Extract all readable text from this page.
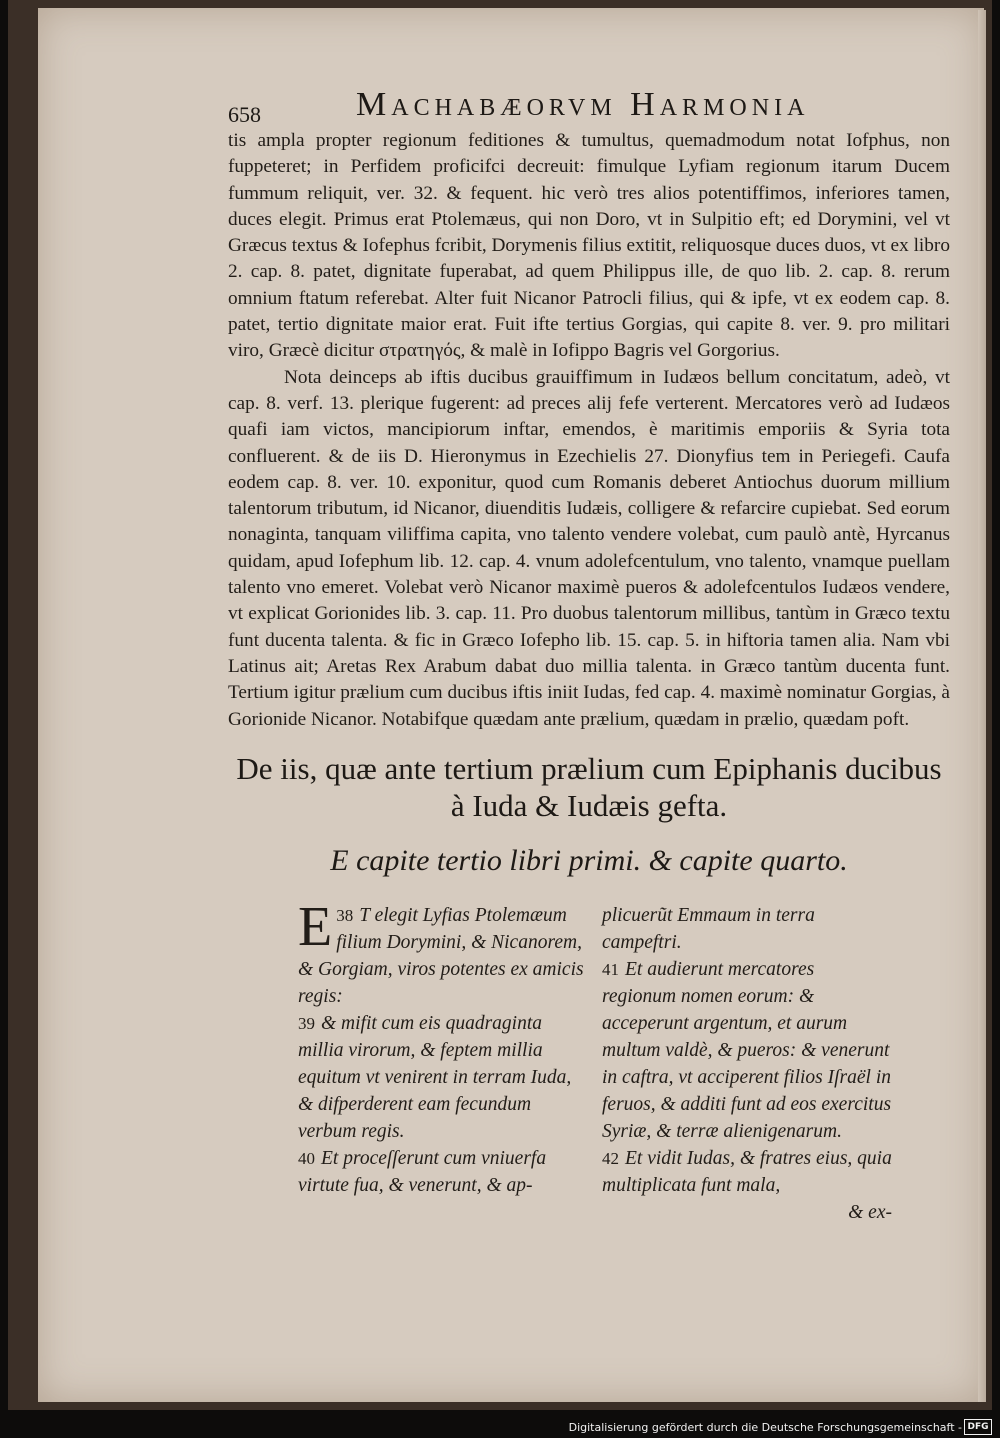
658	Machabæorvm Harmonia

tis ampla propter regionum feditiones & tumultus, quemadmodum notat Iofphus, non fuppeteret; in Perfidem proficifci decreuit: fimulque Lyfiam regionum itarum Ducem fummum reliquit, ver. 32. & fequent. hic verò tres alios potentiffimos, inferiores tamen, duces elegit. Primus erat Ptolemæus, qui non Doro, vt in Sulpitio eft; ed Dorymini, vel vt Græcus textus & Iofephus fcribit, Dorymenis filius extitit, reliquosque duces duos, vt ex libro 2. cap. 8. patet, dignitate fuperabat, ad quem Philippus ille, de quo lib. 2. cap. 8. rerum omnium ftatum referebat. Alter fuit Nicanor Patrocli filius, qui & ipfe, vt ex eodem cap. 8. patet, tertio dignitate maior erat. Fuit ifte tertius Gorgias, qui capite 8. ver. 9. pro militari viro, Græcè dicitur στρατηγός, & malè in Iofippo Bagris vel Gorgorius.

Nota deinceps ab iftis ducibus grauiffimum in Iudæos bellum concitatum, adeò, vt cap. 8. verf. 13. plerique fugerent: ad preces alij fefe verterent. Mercatores verò ad Iudæos quafi iam victos, mancipiorum inftar, emendos, è maritimis emporiis & Syria tota confluerent. & de iis D. Hieronymus in Ezechielis 27. Dionyfius tem in Periegefi. Caufa eodem cap. 8. ver. 10. exponitur, quod cum Romanis deberet Antiochus duorum millium talentorum tributum, id Nicanor, diuenditis Iudæis, colligere & refarcire cupiebat. Sed eorum nonaginta, tanquam viliffima capita, vno talento vendere volebat, cum paulò antè, Hyrcanus quidam, apud Iofephum lib. 12. cap. 4. vnum adolefcentulum, vno talento, vnamque puellam talento vno emeret. Volebat verò Nicanor maximè pueros & adolefcentulos Iudæos vendere, vt explicat Gorionides lib. 3. cap. 11. Pro duobus talentorum millibus, tantùm in Græco textu funt ducenta talenta. & fic in Græco Iofepho lib. 15. cap. 5. in hiftoria tamen alia. Nam vbi Latinus ait; Aretas Rex Arabum dabat duo millia talenta. in Græco tantùm ducenta funt. Tertium igitur prælium cum ducibus iftis iniit Iudas, fed cap. 4. maximè nominatur Gorgias, à Gorionide Nicanor. Notabifque quædam ante prælium, quædam in prælio, quædam poft.

De iis, quæ ante tertium prælium cum Epiphanis ducibus à Iuda & Iudæis gefta.
E capite tertio libri primi. & capite quarto.

38
E T elegit Lyfias Ptolemæum filium Dorymini, & Nicanorem, & Gorgiam, viros potentes ex amicis regis:

39 & mifit cum eis quadraginta millia virorum, & feptem millia equitum vt venirent in terram Iuda, & difperderent eam fecundum verbum regis.

40 Et proceſſerunt cum vniuerfa virtute fua, & venerunt, & ap-

plicuerũt Emmaum in terra campeftri.

41 Et audierunt mercatores regionum nomen eorum: & acceperunt argentum, et aurum multum valdè, & pueros: & venerunt in caftra, vt acciperent filios Iſraël in feruos, & additi funt ad eos exercitus Syriæ, & terræ alienigenarum.

42 Et vidit Iudas, & fratres eius, quia multiplicata funt mala,

& ex-

Digitalisierung gefördert durch die Deutsche Forschungsgemeinschaft - DFG
